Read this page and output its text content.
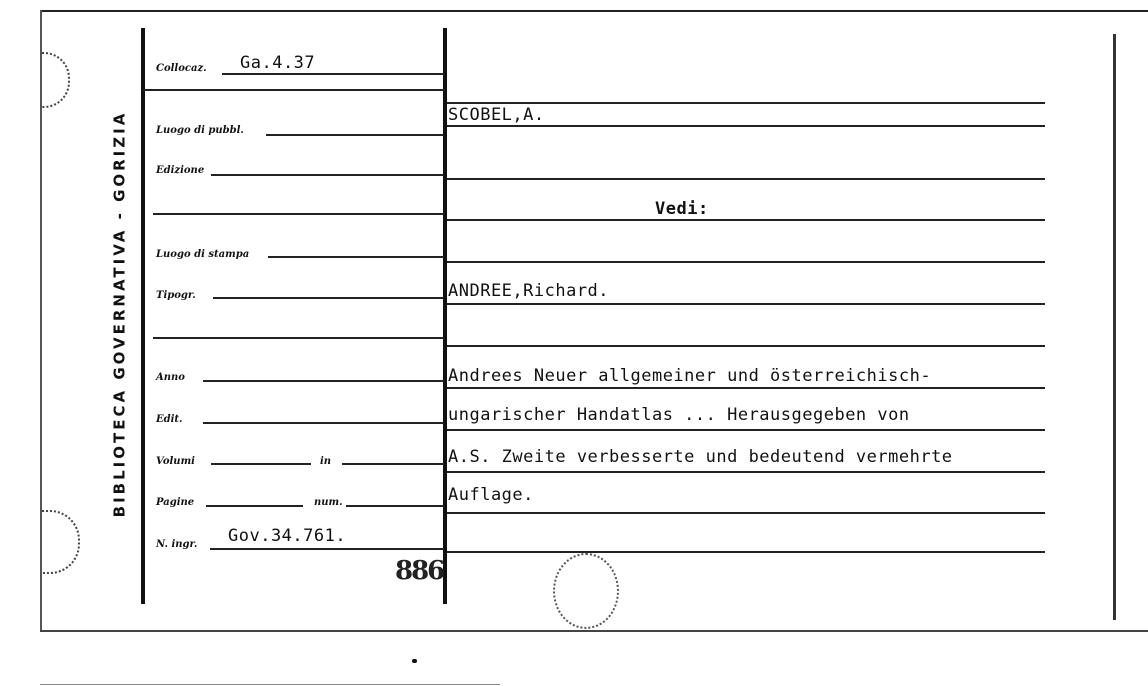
BIBLIOTECA GOVERNATIVA - GORIZIA
Collocaz. Ga.4.37
Luogo di pubbl.
Edizione
Luogo di stampa
Tipogr.
Anno
Edit.
Volumi	in
Pagine	num.
N. ingr. Gov.34.761.
886
SCOBEL,A.
Vedi:
ANDREE,Richard.
Andrees Neuer allgemeiner und österreichisch-
ungarischer Handatlas ... Herausgegeben von
A.S. Zweite verbesserte und bedeutend vermehrte
Auflage.
